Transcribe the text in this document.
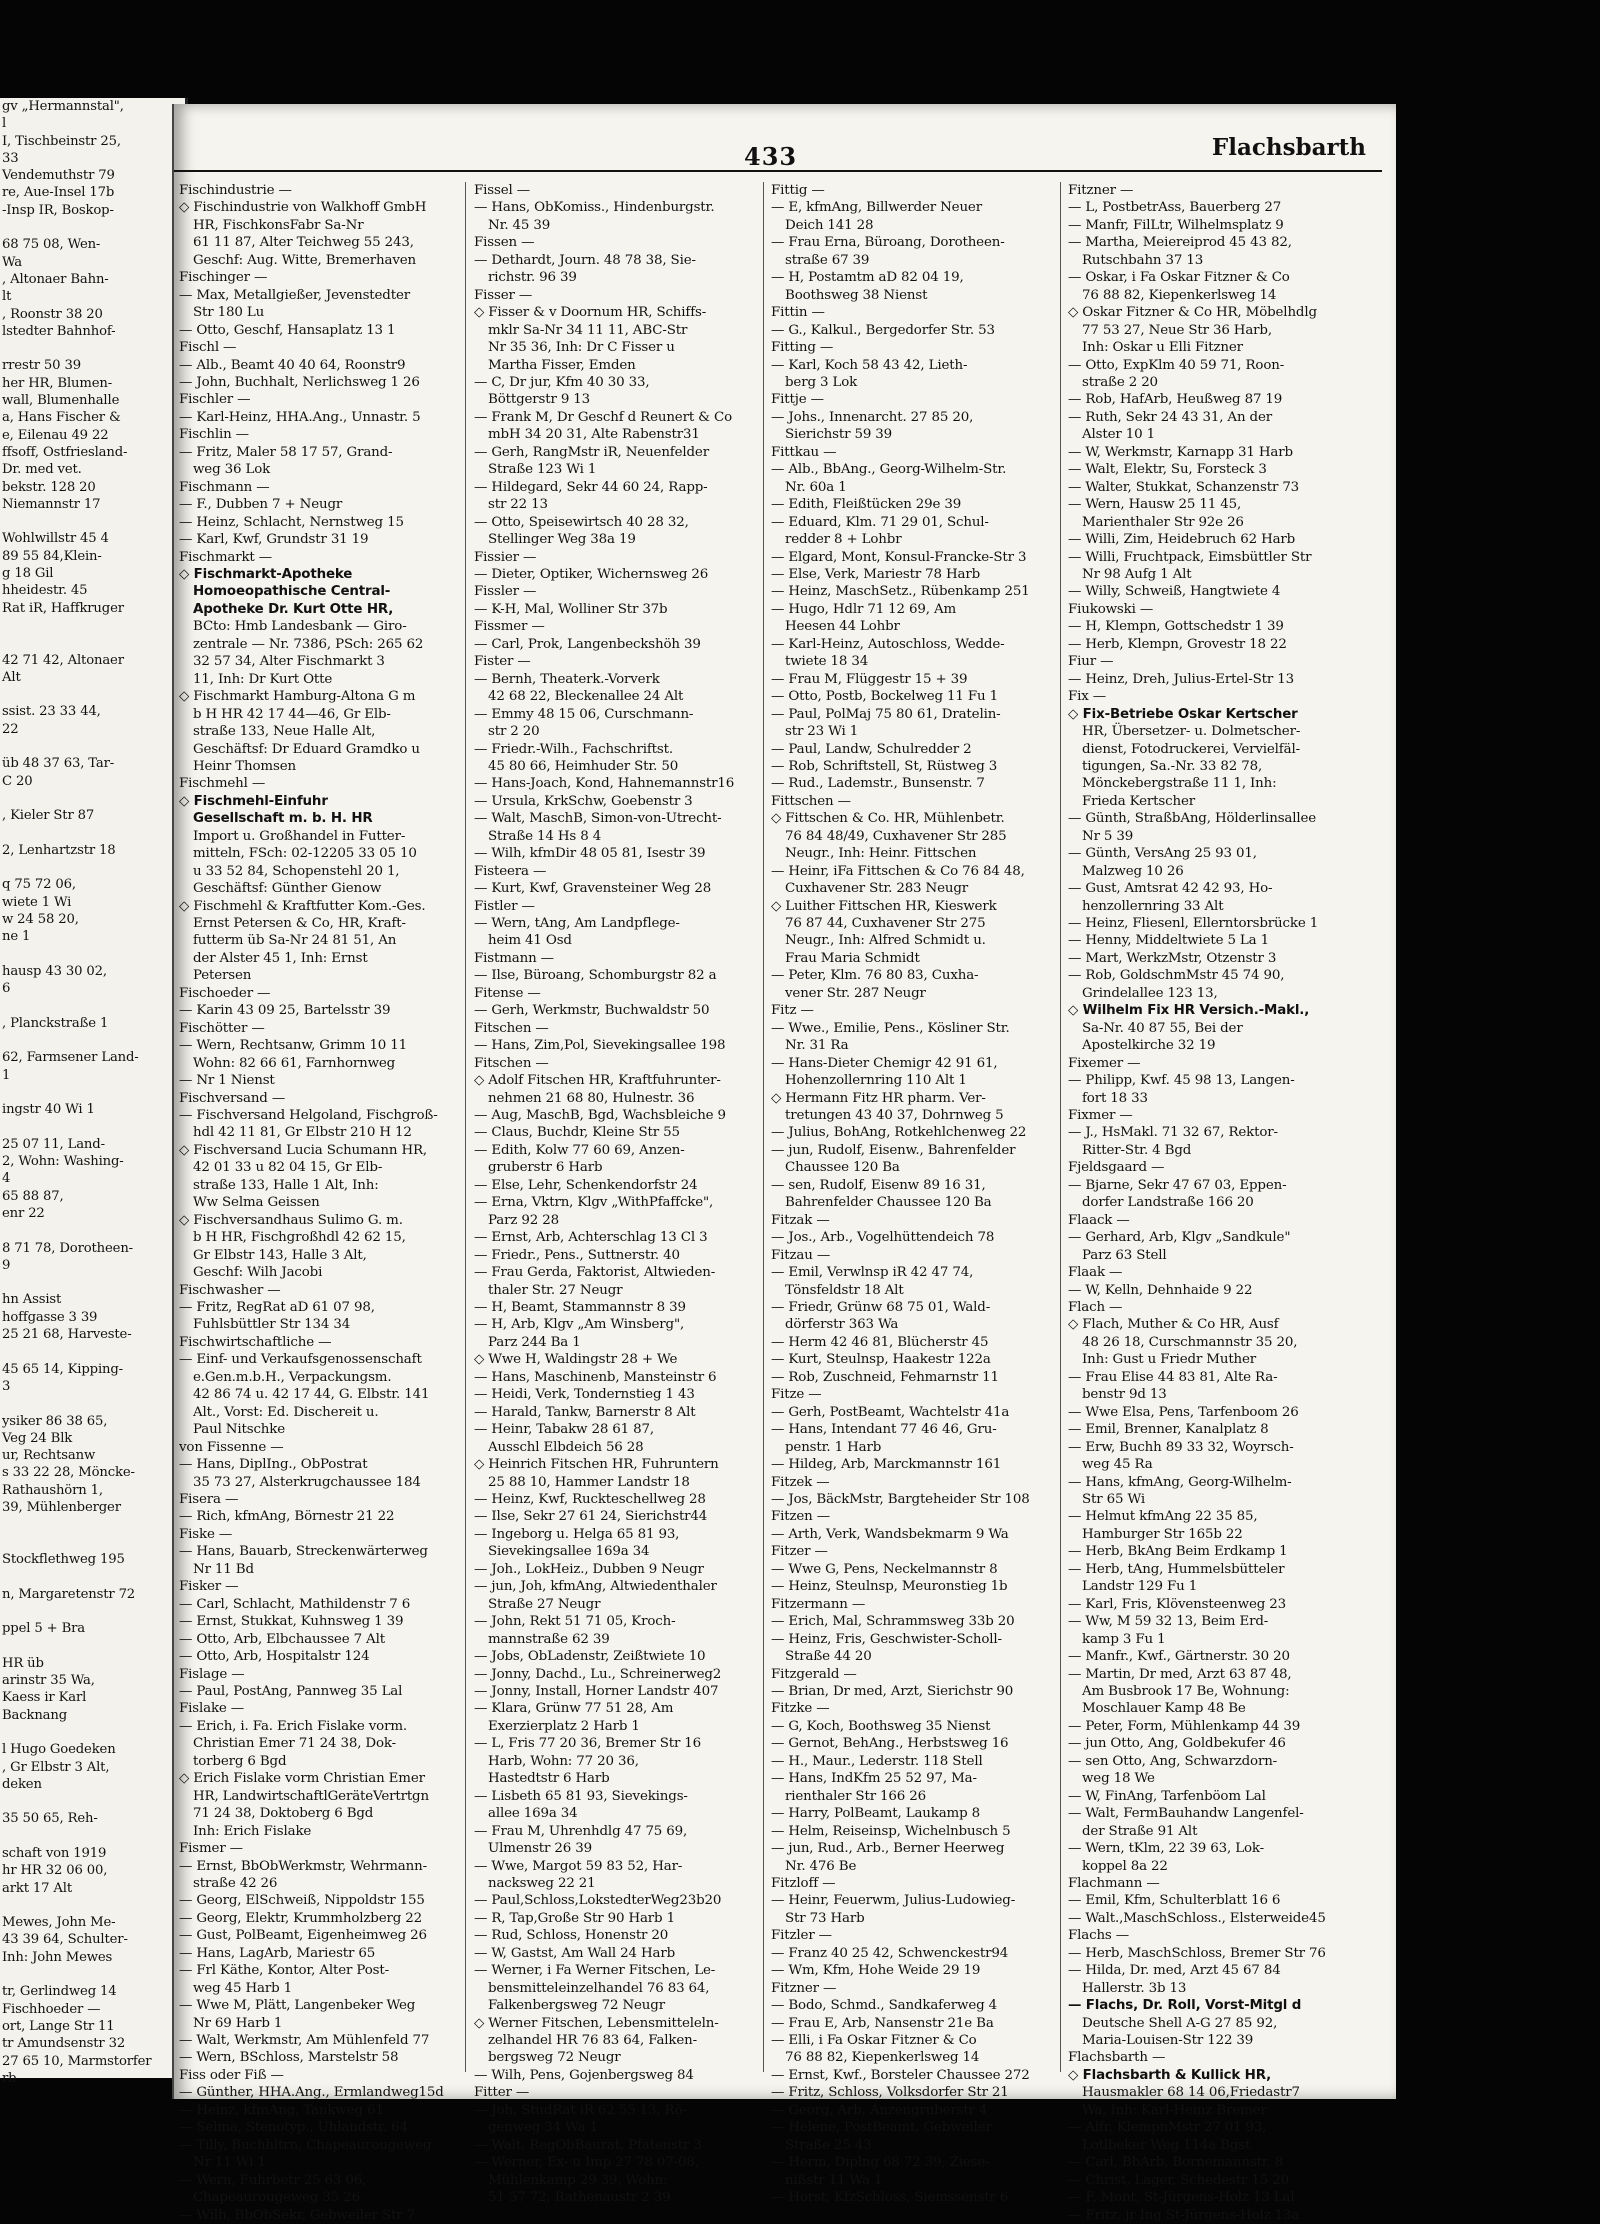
gv „Hermannstal",
l
I, Tischbeinstr 25,
33
Vendemuthstr 79
re, Aue-Insel 17b
-Insp IR, Boskop-

68 75 08, Wen-
Wa
, Altonaer Bahn-
lt
, Roonstr 38 20
lstedter Bahnhof-

rrestr 50 39
her HR, Blumen-
wall, Blumenhalle
a, Hans Fischer &
e, Eilenau 49 22
ffsoff, Ostfriesland-
Dr. med vet.
bekstr. 128 20
Niemannstr 17

Wohlwillstr 45 4
89 55 84,Klein-
g 18 Gil
hheidestr. 45
Rat iR, Haffkruger

42 71 42, Altonaer
Alt

ssist. 23 33 44,
22

üb 48 37 63, Tar-
C 20

, Kieler Str 87

2, Lenhartzstr 18

q 75 72 06,
wiete 1 Wi
w 24 58 20,
ne 1

hausp 43 30 02,
6

, Planckstraße 1

62, Farmsener Land-
1

ingstr 40 Wi 1

25 07 11, Land-
2, Wohn: Washing-
4
65 88 87,
enr 22

8 71 78, Dorotheen-
9

hn Assist
hoffgasse 3 39
25 21 68, Harveste-

45 65 14, Kipping-
3

ysiker 86 38 65,
Veg 24 Blk
ur, Rechtsanw
s 33 22 28, Mönckе-
Rathaushörn 1,
39, Mühlenberger

Stockflethweg 195

n, Margaretenstr 72

ppel 5 + Bra

HR üb
arinstr 35 Wa,
Kaess ir Karl
Backnang

l Hugo Goedeken
, Gr Elbstr 3 Alt,
deken

35 50 65, Reh-

schaft von 1919
hr HR 32 06 00,
arkt 17 Alt

Mewes, John Me-
43 39 64, Schulter-
Inh: John Mewes

tr, Gerlindweg 14
Fischhoeder —
ort, Lange Str 11
tr Amundsenstr 32
27 65 10, Marmstorfer
rb
433	Flachsbarth
Fischindustrie —
◇ Fischindustrie von Walkhoff GmbH
HR, FischkonsFabr Sa-Nr
61 11 87, Alter Teichweg 55 243,
Geschf: Aug. Witte, Bremerhaven
Fischinger —
— Max, Metallgießer, Jevenstedter
Str 180 Lu
— Otto, Geschf, Hansaplatz 13 1
Fischl —
— Alb., Beamt 40 40 64, Roonstr9
— John, Buchhalt, Nerlichsweg 1 26
Fischler —
— Karl-Heinz, HHA.Ang., Unnastr. 5
Fischlin —
— Fritz, Maler 58 17 57, Grand-
weg 36 Lok
Fischmann —
— F., Dubben 7 + Neugr
— Heinz, Schlacht, Nernstweg 15
— Karl, Kwf, Grundstr 31 19
Fischmarkt —
◇ Fischmarkt-Apotheke
Homoeopathische Central-
Apotheke Dr. Kurt Otte HR,
BCto: Hmb Landesbank — Giro-
zentrale — Nr. 7386, PSch: 265 62
32 57 34, Alter Fischmarkt 3
11, Inh: Dr Kurt Otte
◇ Fischmarkt Hamburg-Altona G m
b H HR 42 17 44—46, Gr Elb-
straße 133, Neue Halle Alt,
Geschäftsf: Dr Eduard Gramdko u
Heinr Thomsen
Fischmehl —
◇ Fischmehl-Einfuhr
Gesellschaft m. b. H. HR
Import u. Großhandel in Futter-
mitteln, FSch: 02-12205 33 05 10
u 33 52 84, Schopenstehl 20 1,
Geschäftsf: Günther Gienow
◇ Fischmehl & Kraftfutter Kom.-Ges.
Ernst Petersen & Co, HR, Kraft-
futterm üb Sa-Nr 24 81 51, An
der Alster 45 1, Inh: Ernst
Petersen
Fischoeder —
— Karin 43 09 25, Bartelsstr 39
Fischötter —
— Wern, Rechtsanw, Grimm 10 11
Wohn: 82 66 61, Farnhornweg
— Nr 1 Nienst
Fischversand —
— Fischversand Helgoland, Fischgroß-
hdl 42 11 81, Gr Elbstr 210 H 12
◇ Fischversand Lucia Schumann HR,
42 01 33 u 82 04 15, Gr Elb-
straße 133, Halle 1 Alt, Inh:
Ww Selma Geissen
◇ Fischversandhaus Sulimo G. m.
b H HR, Fischgroßhdl 42 62 15,
Gr Elbstr 143, Halle 3 Alt,
Geschf: Wilh Jacobi
Fischwasher —
— Fritz, RegRat aD 61 07 98,
Fuhlsbüttler Str 134 34
Fischwirtschaftliche —
— Einf- und Verkaufsgenossenschaft
e.Gen.m.b.H., Verpackungsm.
42 86 74 u. 42 17 44, G. Elbstr. 141
Alt., Vorst: Ed. Dischereit u.
Paul Nitschke
von Fissenne —
— Hans, DiplIng., ObPostrat
35 73 27, Alsterkrugchaussee 184
Fisera —
— Rich, kfmAng, Börnestr 21 22
Fiske —
— Hans, Bauarb, Streckenwärterweg
Nr 11 Bd
Fisker —
— Carl, Schlacht, Mathildenstr 7 6
— Ernst, Stukkat, Kuhnsweg 1 39
— Otto, Arb, Elbchaussee 7 Alt
— Otto, Arb, Hospitalstr 124
Fislage —
— Paul, PostAng, Pannweg 35 Lal
Fislake —
— Erich, i. Fa. Erich Fislake vorm.
Christian Emer 71 24 38, Dok-
torberg 6 Bgd
◇ Erich Fislake vorm Christian Emer
HR, LandwirtschaftlGeräteVertrtgn
71 24 38, Doktoberg 6 Bgd
Inh: Erich Fislake
Fismer —
— Ernst, BbObWerkmstr, Wehrmann-
straße 42 26
— Georg, ElSchweiß, Nippoldstr 155
— Georg, Elektr, Krummholzberg 22
— Gust, PolBeamt, Eigenheimweg 26
— Hans, LagArb, Mariestr 65
— Frl Käthe, Kontor, Alter Post-
weg 45 Harb 1
— Wwe M, Plätt, Langenbeker Weg
Nr 69 Harb 1
— Walt, Werkmstr, Am Mühlenfeld 77
— Wern, BSchloss, Marstelstr 58
Fiss oder Fiß —
— Günther, HHA.Ang., Ermlandweg15d
— Heinz, kfmAng, Tankweg 61
— Selma, Stenotyp., Uhlandstr. 64
— Tilly, Buchhltrn, Chapeaurougeweg
Nr 11 Wi 1
— Wern, Fuhrbetr 25 63 06,
Chapeaurougeweg 35 26
— Wilh, BbObSekr, Gebweiler Str 7
Fissel —
— Hans, ObKomiss., Hindenburgstr.
Nr. 45 39
Fissen —
— Dethardt, Journ. 48 78 38, Sie-
richstr. 96 39
Fisser —
◇ Fisser & v Doornum HR, Schiffs-
mklr Sa-Nr 34 11 11, ABC-Str
Nr 35 36, Inh: Dr C Fisser u
Martha Fisser, Emden
— C, Dr jur, Kfm 40 30 33,
Böttgerstr 9 13
— Frank M, Dr Geschf d Reunert & Co
mbH 34 20 31, Alte Rabenstr31
— Gerh, RangMstr iR, Neuenfelder
Straße 123 Wi 1
— Hildegard, Sekr 44 60 24, Rapp-
str 22 13
— Otto, Speisewirtsch 40 28 32,
Stellinger Weg 38a 19
Fissier —
— Dieter, Optiker, Wichernsweg 26
Fissler —
— K-H, Mal, Wolliner Str 37b
Fissmer —
— Carl, Prok, Langenbeckshöh 39
Fister —
— Bernh, Theaterk.-Vorverk
42 68 22, Bleckenallee 24 Alt
— Emmy 48 15 06, Curschmann-
str 2 20
— Friedr.-Wilh., Fachschriftst.
45 80 66, Heimhuder Str. 50
— Hans-Joach, Kond, Hahnemannstr16
— Ursula, KrkSchw, Goebenstr 3
— Walt, MaschB, Simon-von-Utrecht-
Straße 14 Hs 8 4
— Wilh, kfmDir 48 05 81, Isestr 39
Fisteera —
— Kurt, Kwf, Gravensteiner Weg 28
Fistler —
— Wern, tAng, Am Landpflege-
heim 41 Osd
Fistmann —
— Ilse, Büroang, Schomburgstr 82 a
Fitense —
— Gerh, Werkmstr, Buchwaldstr 50
Fitschen —
— Hans, Zim,Pol, Sievekingsallee 198
Fitschen —
◇ Adolf Fitschen HR, Kraftfuhrunter-
nehmen 21 68 80, Hulnestr. 36
— Aug, MaschB, Bgd, Wachsbleiche 9
— Claus, Buchdr, Kleine Str 55
— Edith, Kolw 77 60 69, Anzen-
gruberstr 6 Harb
— Else, Lehr, Schenkendorfstr 24
— Erna, Vktrn, Klgv „WithPfaffcke",
Parz 92 28
— Ernst, Arb, Achterschlag 13 Cl 3
— Friedr., Pens., Suttnerstr. 40
— Frau Gerda, Faktorist, Altwieden-
thaler Str. 27 Neugr
— H, Beamt, Stammannstr 8 39
— H, Arb, Klgv „Am Winsberg",
Parz 244 Ba 1
◇ Wwe H, Waldingstr 28 + We
— Hans, Maschinenb, Mansteinstr 6
— Heidi, Verk, Tondernstieg 1 43
— Harald, Tankw, Barnerstr 8 Alt
— Heinr, Tabakw 28 61 87,
Ausschl Elbdeich 56 28
◇ Heinrich Fitschen HR, Fuhruntern
25 88 10, Hammer Landstr 18
— Heinz, Kwf, Ruckteschellweg 28
— Ilse, Sekr 27 61 24, Sierichstr44
— Ingeborg u. Helga 65 81 93,
Sievekingsallee 169a 34
— Joh., LokHeiz., Dubben 9 Neugr
— jun, Joh, kfmAng, Altwiedenthaler
Straße 27 Neugr
— John, Rekt 51 71 05, Kroch-
mannstraße 62 39
— Jobs, ObLadenstr, Zeißtwiete 10
— Jonny, Dachd., Lu., Schreinerweg2
— Jonny, Install, Horner Landstr 407
— Klara, Grünw 77 51 28, Am
Exerzierplatz 2 Harb 1
— L, Fris 77 20 36, Bremer Str 16
Harb, Wohn: 77 20 36,
Hastedtstr 6 Harb
— Lisbeth 65 81 93, Sievekings-
allee 169a 34
— Frau M, Uhrenhdlg 47 75 69,
Ulmenstr 26 39
— Wwe, Margot 59 83 52, Har-
nacksweg 22 21
— Paul,Schloss,LokstedterWeg23b20
— R, Tap,Große Str 90 Harb 1
— Rud, Schloss, Honenstr 20
— W, Gastst, Am Wall 24 Harb
— Werner, i Fa Werner Fitschen, Le-
bensmitteleinzelhandel 76 83 64,
Falkenbergsweg 72 Neugr
◇ Werner Fitschen, Lebensmitteleln-
zelhandel HR 76 83 64, Falken-
bergsweg 72 Neugr
— Wilh, Pens, Gojenbergsweg 84
Fitter —
— Joh, StudRat iR 62 55 13, Rö-
genweg 34 Wa 1
— Walt, RegObBaurat, Pfatenstr 3
— Werner, Ex- u Imp 27 78 07-08,
Mühlenkamp 29 39, Wohn:
51 57 72, Rathenaustr 2 39
Fittig —
— E, kfmAng, Billwerder Neuer
Deich 141 28
— Frau Erna, Büroang, Dorotheen-
straße 67 39
— H, Postamtm aD 82 04 19,
Boothsweg 38 Nienst
Fittin —
— G., Kalkul., Bergedorfer Str. 53
Fitting —
— Karl, Koch 58 43 42, Lieth-
berg 3 Lok
Fittje —
— Johs., Innenarcht. 27 85 20,
Sierichstr 59 39
Fittkau —
— Alb., BbAng., Georg-Wilhelm-Str.
Nr. 60a 1
— Edith, Fleißtücken 29e 39
— Eduard, Klm. 71 29 01, Schul-
redder 8 + Lohbr
— Elgard, Mont, Konsul-Francke-Str 3
— Else, Verk, Mariestr 78 Harb
— Heinz, MaschSetz., Rübenkamp 251
— Hugo, Hdlr 71 12 69, Am
Heesen 44 Lohbr
— Karl-Heinz, Autoschloss, Wedde-
twiete 18 34
— Frau M, Flüggestr 15 + 39
— Otto, Postb, Bockelweg 11 Fu 1
— Paul, PolMaj 75 80 61, Dratelin-
str 23 Wi 1
— Paul, Landw, Schulredder 2
— Rob, Schriftstell, St, Rüstweg 3
— Rud., Lademstr., Bunsenstr. 7
Fittschen —
◇ Fittschen & Co. HR, Mühlenbetr.
76 84 48/49, Cuxhavener Str 285
Neugr., Inh: Heinr. Fittschen
— Heinr, iFa Fittschen & Co 76 84 48,
Cuxhavener Str. 283 Neugr
◇ Luither Fittschen HR, Kieswerk
76 87 44, Cuxhavener Str 275
Neugr., Inh: Alfred Schmidt u.
Frau Maria Schmidt
— Peter, Klm. 76 80 83, Cuxha-
vener Str. 287 Neugr
Fitz —
— Wwe., Emilie, Pens., Kösliner Str.
Nr. 31 Ra
— Hans-Dieter Chemigr 42 91 61,
Hohenzollernring 110 Alt 1
◇ Hermann Fitz HR pharm. Ver-
tretungen 43 40 37, Dohrnweg 5
— Julius, BohAng, Rotkehlchenweg 22
— jun, Rudolf, Eisenw., Bahrenfelder
Chaussee 120 Ba
— sen, Rudolf, Eisenw 89 16 31,
Bahrenfelder Chaussee 120 Ba
Fitzak —
— Jos., Arb., Vogelhüttendeich 78
Fitzau —
— Emil, Verwlnsp iR 42 47 74,
Tönsfeldstr 18 Alt
— Friedr, Grünw 68 75 01, Wald-
dörferstr 363 Wa
— Herm 42 46 81, Blücherstr 45
— Kurt, Steulnsp, Haakestr 122a
— Rob, Zuschneid, Fehmarnstr 11
Fitze —
— Gerh, PostBeamt, Wachtelstr 41a
— Hans, Intendant 77 46 46, Gru-
penstr. 1 Harb
— Hildeg, Arb, Marckmannstr 161
Fitzek —
— Jos, BäckMstr, Bargteheider Str 108
Fitzen —
— Arth, Verk, Wandsbekmarm 9 Wa
Fitzer —
— Wwe G, Pens, Neckelmannstr 8
— Heinz, Steulnsp, Meuronstieg 1b
Fitzermann —
— Erich, Mal, Schrammsweg 33b 20
— Heinz, Fris, Geschwister-Scholl-
Straße 44 20
Fitzgerald —
— Brian, Dr med, Arzt, Sierichstr 90
Fitzke —
— G, Koch, Boothsweg 35 Nienst
— Gernot, BehAng., Herbstsweg 16
— H., Maur., Lederstr. 118 Stell
— Hans, IndKfm 25 52 97, Ma-
rienthaler Str 166 26
— Harry, PolBeamt, Laukamp 8
— Helm, Reiseinsp, Wichelnbusch 5
— jun, Rud., Arb., Berner Heerweg
Nr. 476 Be
Fitzloff —
— Heinr, Feuerwm, Julius-Ludowieg-
Str 73 Harb
Fitzler —
— Franz 40 25 42, Schwenckestr94
— Wm, Kfm, Hohe Weide 29 19
Fitzner —
— Bodo, Schmd., Sandkaferweg 4
— Frau E, Arb, Nansenstr 21e Ba
— Elli, i Fa Oskar Fitzner & Co
76 88 82, Kiepenkerlsweg 14
— Ernst, Kwf., Borsteler Chaussee 272
— Fritz, Schloss, Volksdorfer Str 21
— Georg, Arb, Anzengruberstr 4
— Helene, PostBeamt, Gebweiler
Straße 25 43
— Herm, Diplng 68 72 39, Ziese-
nißstr 11 Wa 1
— Horst, KfzSchloss, Siemssenstr 6
Fitzner —
— L, PostbetrAss, Bauerberg 27
— Manfr, FilLtr, Wilhelmsplatz 9
— Martha, Meiereiprod 45 43 82,
Rutschbahn 37 13
— Oskar, i Fa Oskar Fitzner & Co
76 88 82, Kiepenkerlsweg 14
◇ Oskar Fitzner & Co HR, Möbelhdlg
77 53 27, Neue Str 36 Harb,
Inh: Oskar u Elli Fitzner
— Otto, ExpKlm 40 59 71, Roon-
straße 2 20
— Rob, HafArb, Heußweg 87 19
— Ruth, Sekr 24 43 31, An der
Alster 10 1
— W, Werkmstr, Karnapp 31 Harb
— Walt, Elektr, Su, Forsteck 3
— Walter, Stukkat, Schanzenstr 73
— Wern, Hausw 25 11 45,
Marienthaler Str 92e 26
— Willi, Zim, Heidebruch 62 Harb
— Willi, Fruchtpack, Eimsbüttler Str
Nr 98 Aufg 1 Alt
— Willy, Schweiß, Hangtwiete 4
Fiukowski —
— H, Klempn, Gottschedstr 1 39
— Herb, Klempn, Grovestr 18 22
Fiur —
— Heinz, Dreh, Julius-Ertel-Str 13
Fix —
◇ Fix-Betriebe Oskar Kertscher
HR, Übersetzer- u. Dolmetscher-
dienst, Fotodruckerei, Vervielfäl-
tigungen, Sa.-Nr. 33 82 78,
Mönckebergstraße 11 1, Inh:
Frieda Kertscher
— Günth, StraßbAng, Hölderlinsallee
Nr 5 39
— Günth, VersAng 25 93 01,
Malzweg 10 26
— Gust, Amtsrat 42 42 93, Ho-
henzollernring 33 Alt
— Heinz, Fliesenl, Ellerntorsbrücke 1
— Henny, Middeltwiete 5 La 1
— Mart, WerkzMstr, Otzenstr 3
— Rob, GoldschmMstr 45 74 90,
Grindelallee 123 13,
◇ Wilhelm Fix HR Versich.-Makl.,
Sa-Nr. 40 87 55, Bei der
Apostelkirche 32 19
Fixemer —
— Philipp, Kwf. 45 98 13, Langen-
fort 18 33
Fixmer —
— J., HsMakl. 71 32 67, Rektor-
Ritter-Str. 4 Bgd
Fjeldsgaard —
— Bjarne, Sekr 47 67 03, Eppen-
dorfer Landstraße 166 20
Flaack —
— Gerhard, Arb, Klgv „Sandkule"
Parz 63 Stell
Flaak —
— W, Kelln, Dehnhaide 9 22
Flach —
◇ Flach, Muther & Co HR, Ausf
48 26 18, Curschmannstr 35 20,
Inh: Gust u Friedr Muther
— Frau Elise 44 83 81, Alte Ra-
benstr 9d 13
— Wwe Elsa, Pens, Tarfenboom 26
— Emil, Brenner, Kanalplatz 8
— Erw, Buchh 89 33 32, Woyrsch-
weg 45 Ra
— Hans, kfmAng, Georg-Wilhelm-
Str 65 Wi
— Helmut kfmAng 22 35 85,
Hamburger Str 165b 22
— Herb, BkAng Beim Erdkamp 1
— Herb, tAng, Hummelsbütteler
Landstr 129 Fu 1
— Karl, Fris, Klövensteenweg 23
— Ww, M 59 32 13, Beim Erd-
kamp 3 Fu 1
— Manfr., Kwf., Gärtnerstr. 30 20
— Martin, Dr med, Arzt 63 87 48,
Am Busbrook 17 Be, Wohnung:
Moschlauer Kamp 48 Be
— Peter, Form, Mühlenkamp 44 39
— jun Otto, Ang, Goldbekufer 46
— sen Otto, Ang, Schwarzdorn-
weg 18 We
— W, FinAng, Tarfenböom Lal
— Walt, FermBauhandw Langenfel-
der Straße 91 Alt
— Wern, tKlm, 22 39 63, Lok-
koppel 8a 22
Flachmann —
— Emil, Kfm, Schulterblatt 16 6
— Walt.,MaschSchloss., Elsterweide45
Flachs —
— Herb, MaschSchloss, Bremer Str 76
— Hilda, Dr. med, Arzt 45 67 84
Hallerstr. 3b 13
— Flachs, Dr. Roll, Vorst-Mitgl d
Deutsche Shell A-G 27 85 92,
Maria-Louisen-Str 122 39
Flachsbarth —
◇ Flachsbarth & Kullick HR,
Hausmakler 68 14 06,Friedastr7
Wa, Inh: Karl-Heinz Bremer
— Alfr, KlempnMstr 27 01 93,
Lotlbeker Weg 114a Bgst
— Carl, BbArb, Bornemannstr. 8
— Christ, Lager, Schedestr 15 20
— F, Mont, St-Jürgens-Holz 13 Lal
— Fritz, jr Ing St-Jürgens-Holz 13a
